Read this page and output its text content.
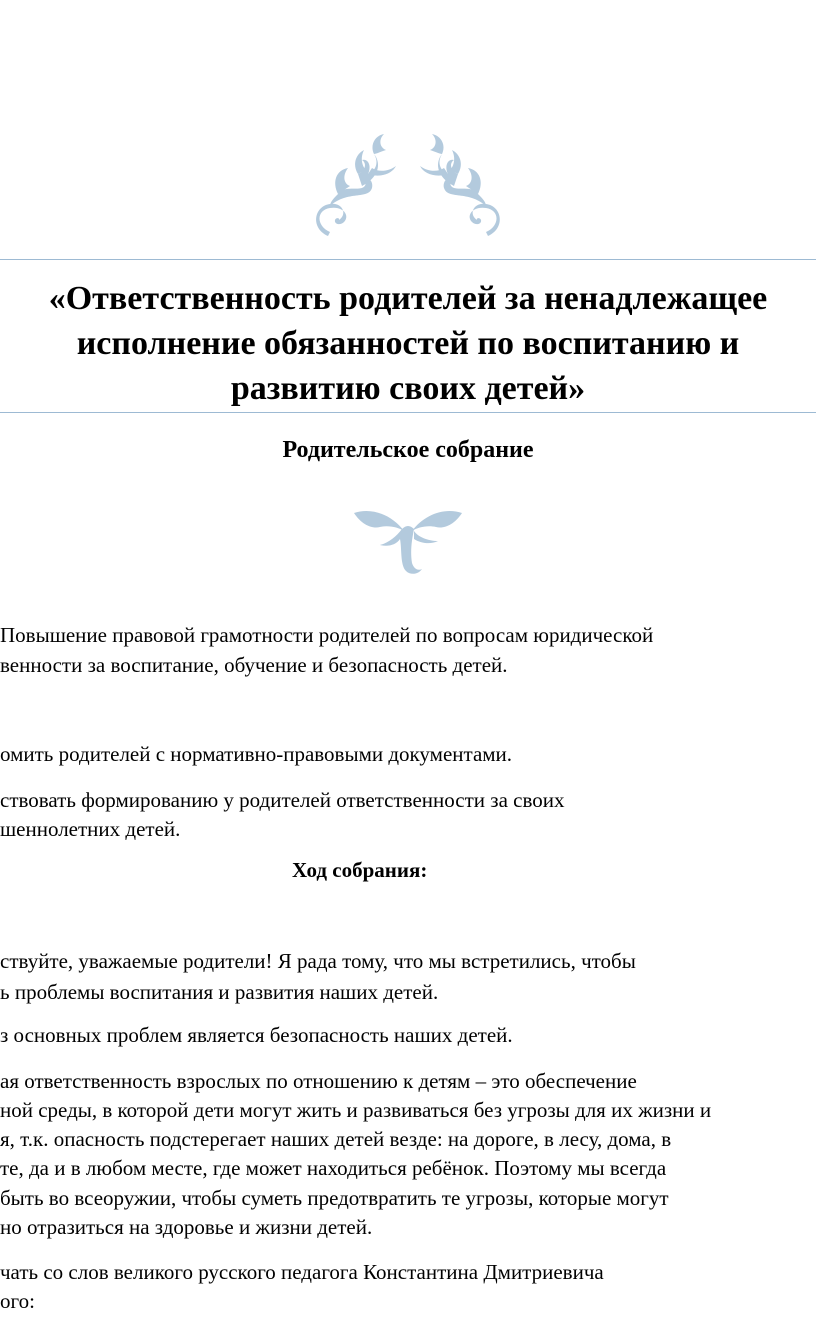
«Ответственность родителей за ненадлежащее
исполнение обязанностей по воспитанию и
развитию своих детей»
Родительское собрание
Повышение правовой грамотности родителей по вопросам юридической
венности за воспитание, обучение и безопасность детей.
омить родителей с нормативно-правовыми документами.
ствовать формированию у родителей ответственности за своих
шеннолетних детей.
Ход собрания:
ствуйте, уважаемые родители! Я рада тому, что мы встретились, чтобы
ь проблемы воспитания и развития наших детей.
з основных проблем является безопасность наших детей.
ая ответственность взрослых по отношению к детям – это обеспечение
ной среды, в которой дети могут жить и развиваться без угрозы для их жизни и
я, т.к. опасность подстерегает наших детей везде: на дороге, в лесу, дома, в
те, да и в любом месте, где может находиться ребёнок. Поэтому мы всегда
быть во всеоружии, чтобы суметь предотвратить те угрозы, которые могут
но отразиться на здоровье и жизни детей.
чать со слов великого русского педагога Константина Дмитриевича
ого:
